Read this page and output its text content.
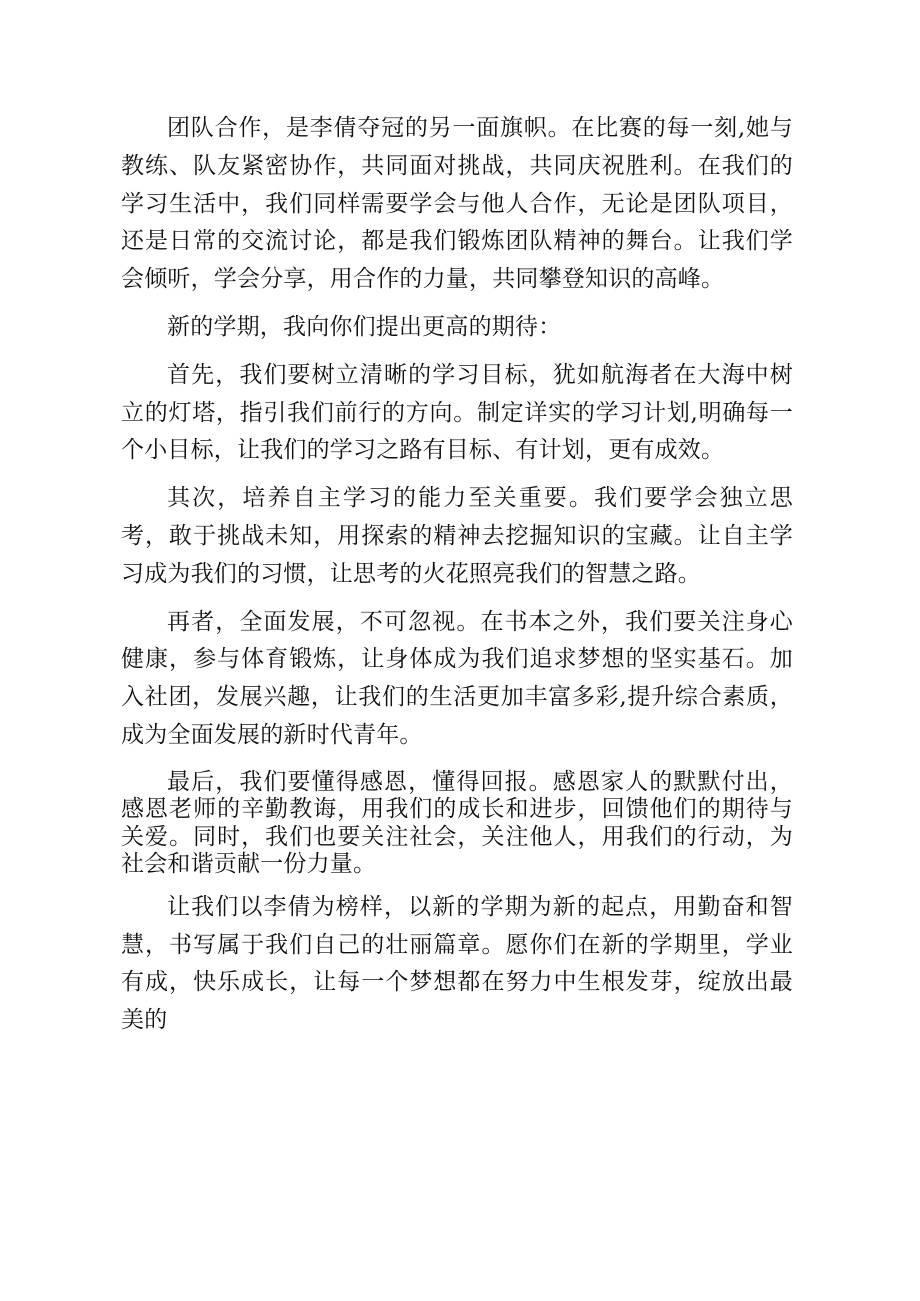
团队合作，是李倩夺冠的另一面旗帜。在比赛的每一刻,她与教练、队友紧密协作，共同面对挑战，共同庆祝胜利。在我们的学习生活中，我们同样需要学会与他人合作，无论是团队项目，还是日常的交流讨论，都是我们锻炼团队精神的舞台。让我们学会倾听，学会分享，用合作的力量，共同攀登知识的高峰。

新的学期，我向你们提出更高的期待：

首先，我们要树立清晰的学习目标，犹如航海者在大海中树立的灯塔，指引我们前行的方向。制定详实的学习计划,明确每一个小目标，让我们的学习之路有目标、有计划，更有成效。

其次，培养自主学习的能力至关重要。我们要学会独立思考，敢于挑战未知，用探索的精神去挖掘知识的宝藏。让自主学习成为我们的习惯，让思考的火花照亮我们的智慧之路。

再者，全面发展，不可忽视。在书本之外，我们要关注身心健康，参与体育锻炼，让身体成为我们追求梦想的坚实基石。加入社团，发展兴趣，让我们的生活更加丰富多彩,提升综合素质，成为全面发展的新时代青年。

最后，我们要懂得感恩，懂得回报。感恩家人的默默付出，感恩老师的辛勤教诲，用我们的成长和进步，回馈他们的期待与关爱。同时，我们也要关注社会，关注他人，用我们的行动，为社会和谐贡献一份力量。

让我们以李倩为榜样，以新的学期为新的起点，用勤奋和智慧，书写属于我们自己的壮丽篇章。愿你们在新的学期里，学业有成，快乐成长，让每一个梦想都在努力中生根发芽，绽放出最美的
